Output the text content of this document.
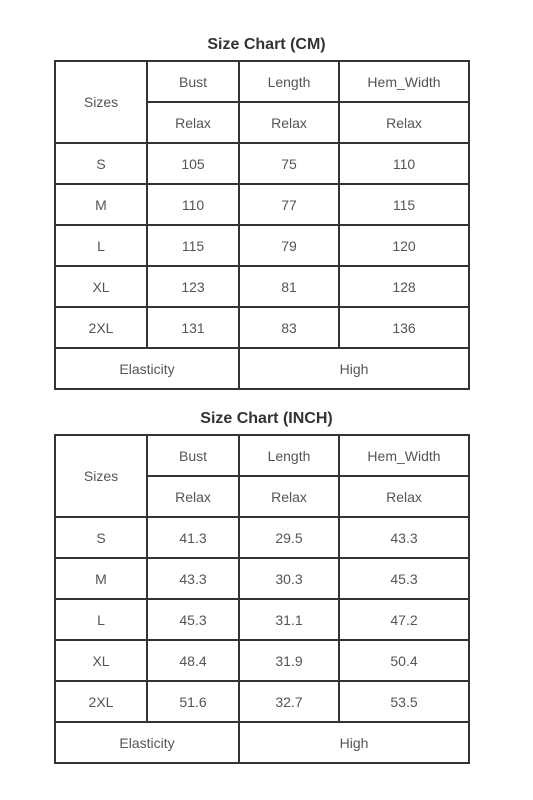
Size Chart (CM)
Sizes	Bust	Length	Hem_Width
	Relax	Relax	Relax
S	105	75	110
M	110	77	115
L	115	79	120
XL	123	81	128
2XL	131	83	136
Elasticity		High	
Size Chart (INCH)
Sizes	Bust	Length	Hem_Width
	Relax	Relax	Relax
S	41.3	29.5	43.3
M	43.3	30.3	45.3
L	45.3	31.1	47.2
XL	48.4	31.9	50.4
2XL	51.6	32.7	53.5
Elasticity		High	
